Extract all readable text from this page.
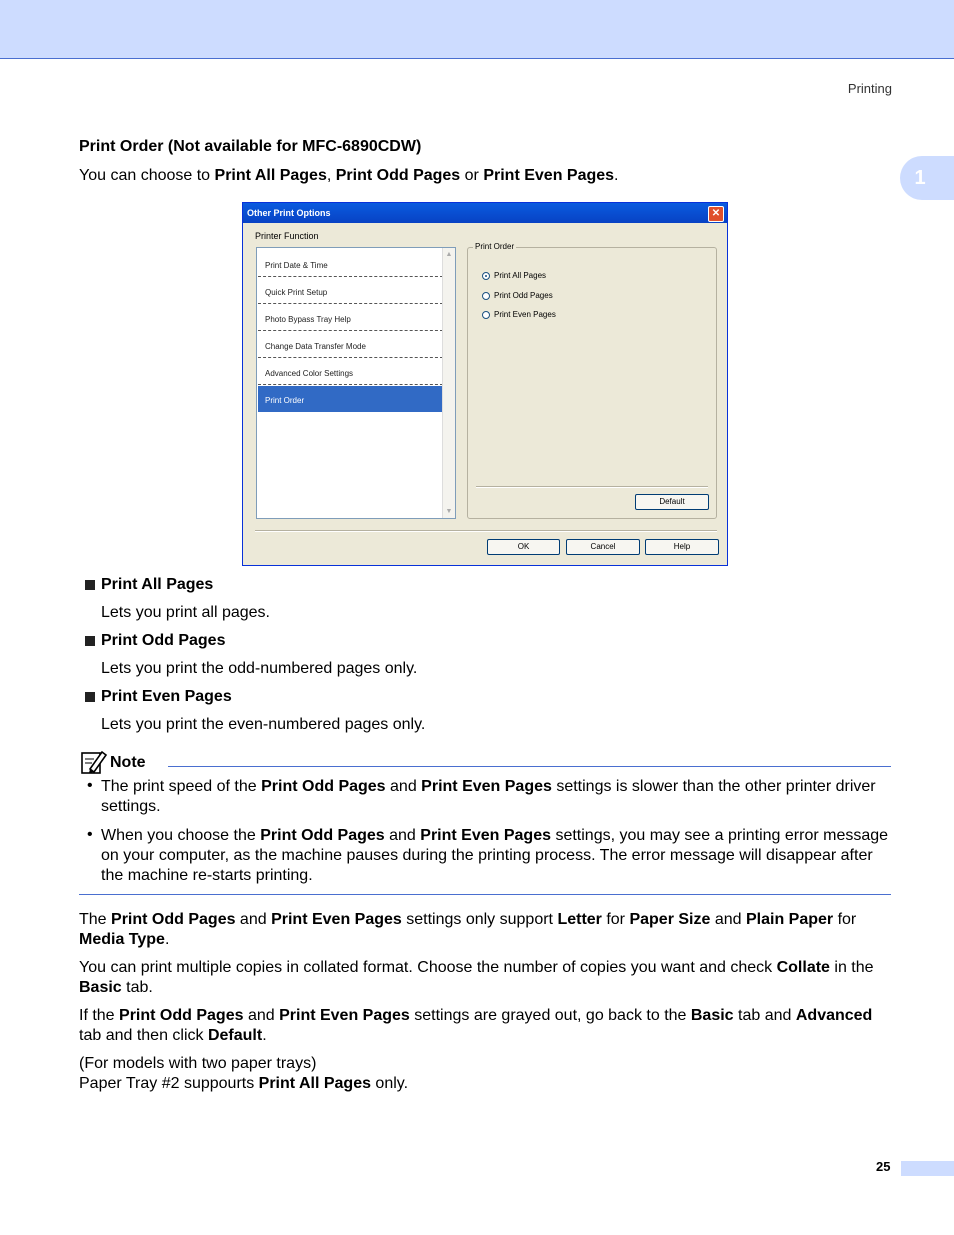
Printing
1
Print Order (Not available for MFC-6890CDW)
You can choose to Print All Pages, Print Odd Pages or Print Even Pages.
Other Print Options	✕
Printer Function
Print Date & Time
Quick Print Setup
Photo Bypass Tray Help
Change Data Transfer Mode
Advanced Color Settings
Print Order
▲
▼
Print Order
Print All Pages
Print Odd Pages
Print Even Pages
Default
OK	Cancel	Help
Print All Pages
Lets you print all pages.
Print Odd Pages
Lets you print the odd-numbered pages only.
Print Even Pages
Lets you print the even-numbered pages only.
Note
• The print speed of the Print Odd Pages and Print Even Pages settings is slower than the other printer driver settings.
• When you choose the Print Odd Pages and Print Even Pages settings, you may see a printing error message on your computer, as the machine pauses during the printing process. The error message will disappear after the machine re-starts printing.
The Print Odd Pages and Print Even Pages settings only support Letter for Paper Size and Plain Paper for Media Type.
You can print multiple copies in collated format. Choose the number of copies you want and check Collate in the Basic tab.
If the Print Odd Pages and Print Even Pages settings are grayed out, go back to the Basic tab and Advanced tab and then click Default.
(For models with two paper trays)
Paper Tray #2 suppourts Print All Pages only.
25
